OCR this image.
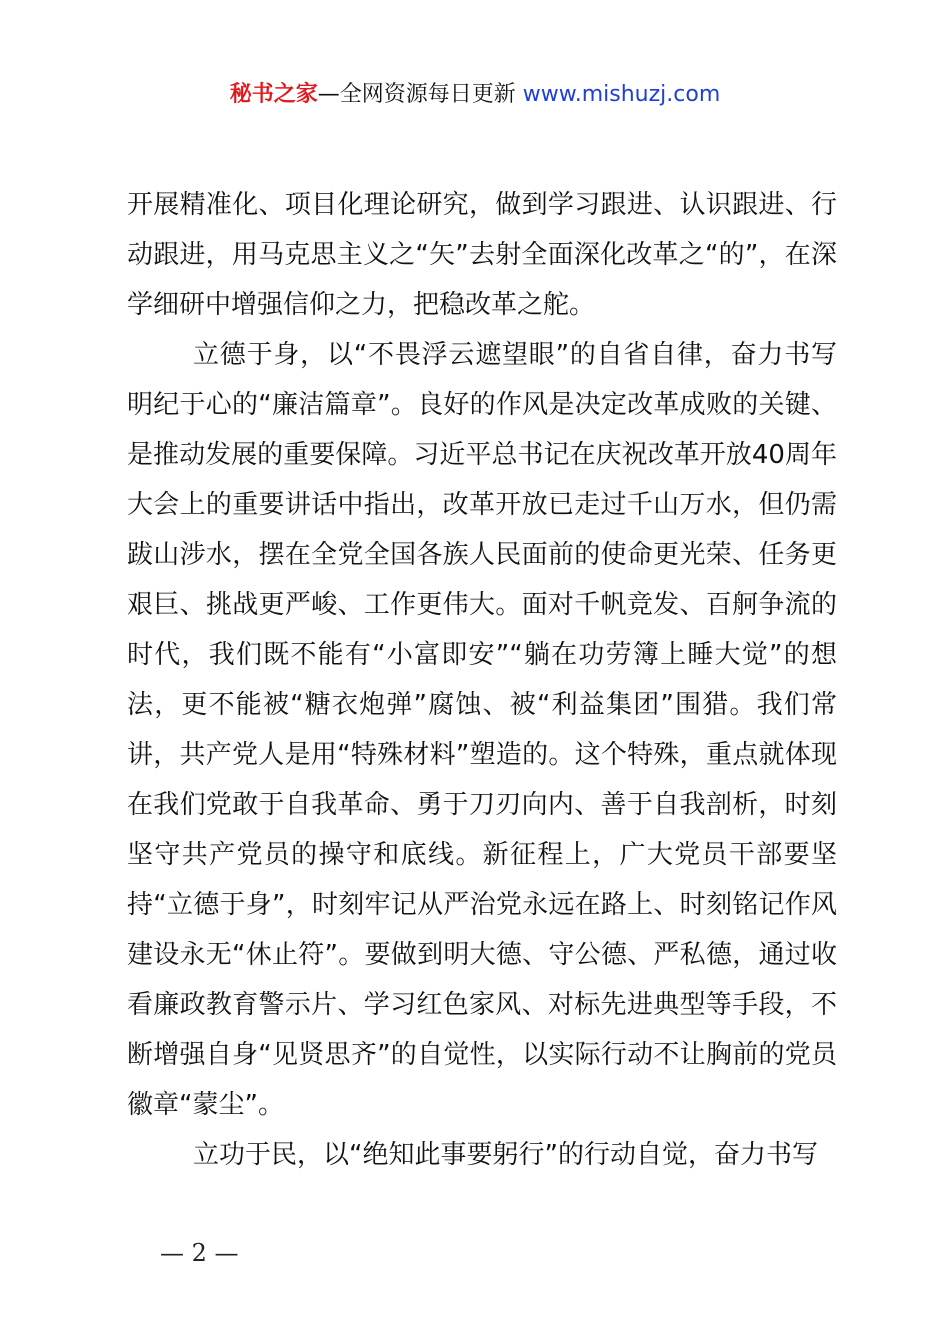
秘书之家—全网资源每日更新 www.mishuzj.com

开展精准化、项目化理论研究，做到学习跟进、认识跟进、行动跟进，用马克思主义之“矢”去射全面深化改革之“的”，在深学细研中增强信仰之力，把稳改革之舵。

立德于身，以“不畏浮云遮望眼”的自省自律，奋力书写明纪于心的“廉洁篇章”。良好的作风是决定改革成败的关键、是推动发展的重要保障。习近平总书记在庆祝改革开放40周年大会上的重要讲话中指出，改革开放已走过千山万水，但仍需跋山涉水，摆在全党全国各族人民面前的使命更光荣、任务更艰巨、挑战更严峻、工作更伟大。面对千帆竞发、百舸争流的时代，我们既不能有“小富即安”“躺在功劳簿上睡大觉”的想法，更不能被“糖衣炮弹”腐蚀、被“利益集团”围猎。我们常讲，共产党人是用“特殊材料”塑造的。这个特殊，重点就体现在我们党敢于自我革命、勇于刀刃向内、善于自我剖析，时刻坚守共产党员的操守和底线。新征程上，广大党员干部要坚持“立德于身”，时刻牢记从严治党永远在路上、时刻铭记作风建设永无“休止符”。要做到明大德、守公德、严私德，通过收看廉政教育警示片、学习红色家风、对标先进典型等手段，不断增强自身“见贤思齐”的自觉性，以实际行动不让胸前的党员徽章“蒙尘”。

立功于民，以“绝知此事要躬行”的行动自觉，奋力书写

— 2 —
